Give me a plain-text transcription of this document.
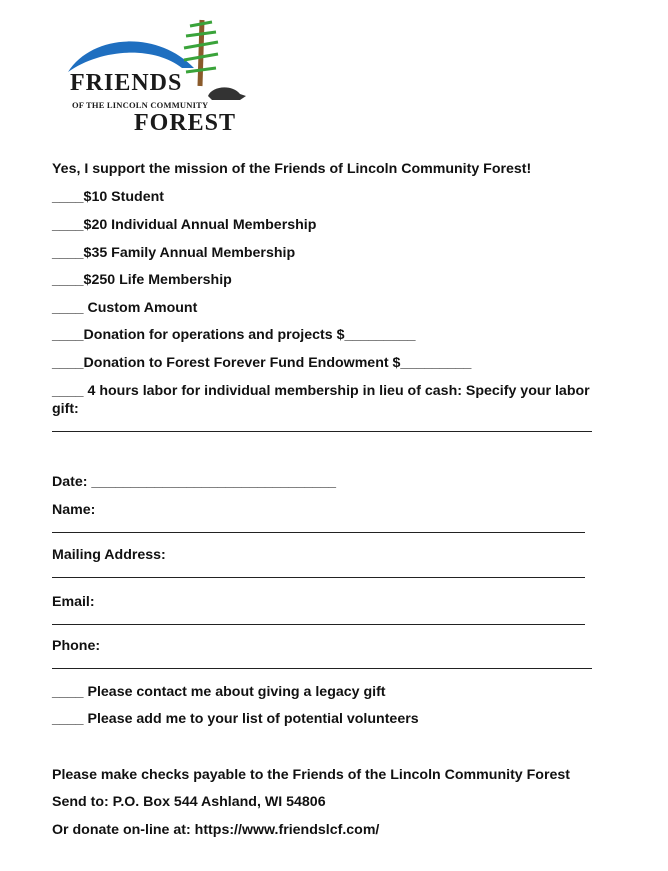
FRIENDS
OF THE LINCOLN COMMUNITY
FOREST
Yes, I support the mission of the Friends of Lincoln Community Forest!
____$10 Student
____$20 Individual Annual Membership
____$35 Family Annual Membership
____$250 Life Membership
____ Custom Amount
____Donation for operations and projects $_________
____Donation to Forest Forever Fund Endowment $_________
____ 4 hours labor for individual membership in lieu of cash: Specify your labor gift:
Date: _______________________________
Name:
Mailing Address:
Email:
Phone:
____ Please contact me about giving a legacy gift
____ Please add me to your list of potential volunteers
Please make checks payable to the Friends of the Lincoln Community Forest
Send to: P.O. Box 544 Ashland, WI 54806
Or donate on-line at: https://www.friendslcf.com/
